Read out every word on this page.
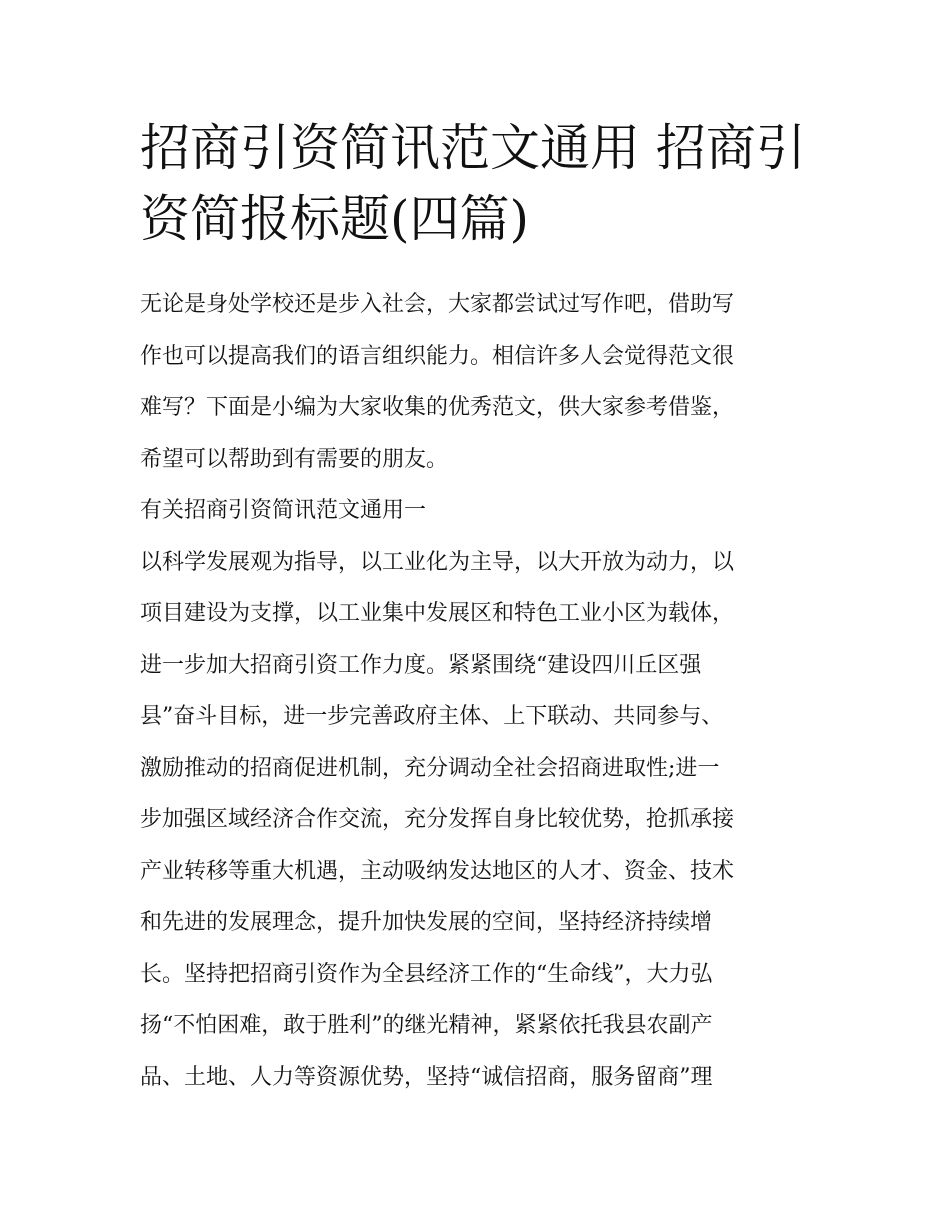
招商引资简讯范文通用 招商引
资简报标题(四篇)
无论是身处学校还是步入社会，大家都尝试过写作吧，借助写
作也可以提高我们的语言组织能力。相信许多人会觉得范文很
难写？下面是小编为大家收集的优秀范文，供大家参考借鉴，
希望可以帮助到有需要的朋友。
有关招商引资简讯范文通用一
以科学发展观为指导，以工业化为主导，以大开放为动力，以
项目建设为支撑，以工业集中发展区和特色工业小区为载体，
进一步加大招商引资工作力度。紧紧围绕“建设四川丘区强
县”奋斗目标，进一步完善政府主体、上下联动、共同参与、
激励推动的招商促进机制，充分调动全社会招商进取性;进一
步加强区域经济合作交流，充分发挥自身比较优势，抢抓承接
产业转移等重大机遇，主动吸纳发达地区的人才、资金、技术
和先进的发展理念，提升加快发展的空间，坚持经济持续增
长。坚持把招商引资作为全县经济工作的“生命线”，大力弘
扬“不怕困难，敢于胜利”的继光精神，紧紧依托我县农副产
品、土地、人力等资源优势，坚持“诚信招商，服务留商”理
